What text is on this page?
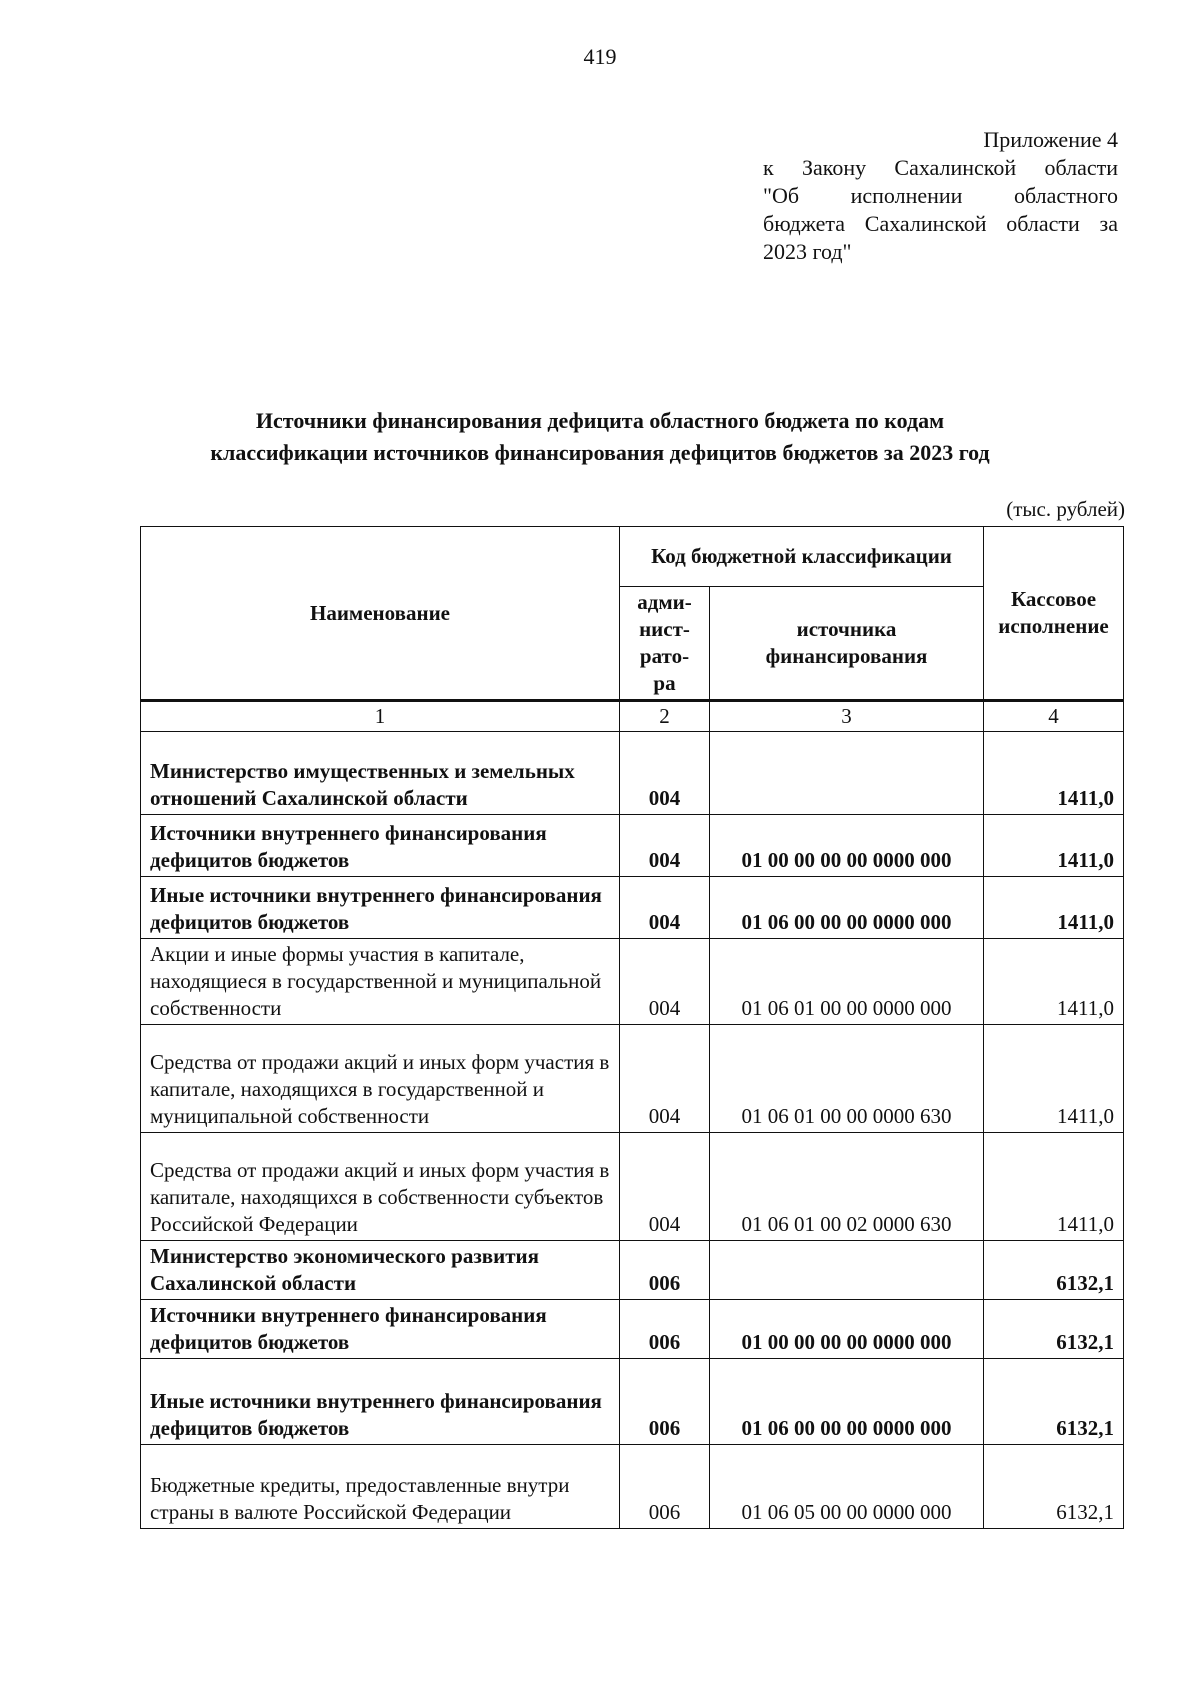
419
Приложение 4
к Закону Сахалинской области
"Об исполнении областного
бюджета Сахалинской области за
2023 год"
Источники финансирования дефицита областного бюджета по кодам
классификации источников финансирования дефицитов бюджетов за 2023 год
(тыс. рублей)
Наименование	Код бюджетной классификации		Кассовое исполнение
	адми-нист-рато-ра	источника финансирования	
1	2	3	4
Министерство имущественных и земельных отношений Сахалинской области	004		1411,0
Источники внутреннего финансирования дефицитов бюджетов	004	01 00 00 00 00 0000 000	1411,0
Иные источники внутреннего финансирования дефицитов бюджетов	004	01 06 00 00 00 0000 000	1411,0
Акции и иные формы участия в капитале, находящиеся в государственной и муниципальной собственности	004	01 06 01 00 00 0000 000	1411,0
Средства от продажи акций и иных форм участия в капитале, находящихся в государственной и муниципальной собственности	004	01 06 01 00 00 0000 630	1411,0
Средства от продажи акций и иных форм участия в капитале, находящихся в собственности субъектов Российской Федерации	004	01 06 01 00 02 0000 630	1411,0
Министерство экономического развития Сахалинской области	006		6132,1
Источники внутреннего финансирования дефицитов бюджетов	006	01 00 00 00 00 0000 000	6132,1
Иные источники внутреннего финансирования дефицитов бюджетов	006	01 06 00 00 00 0000 000	6132,1
Бюджетные кредиты, предоставленные внутри страны в валюте Российской Федерации	006	01 06 05 00 00 0000 000	6132,1
